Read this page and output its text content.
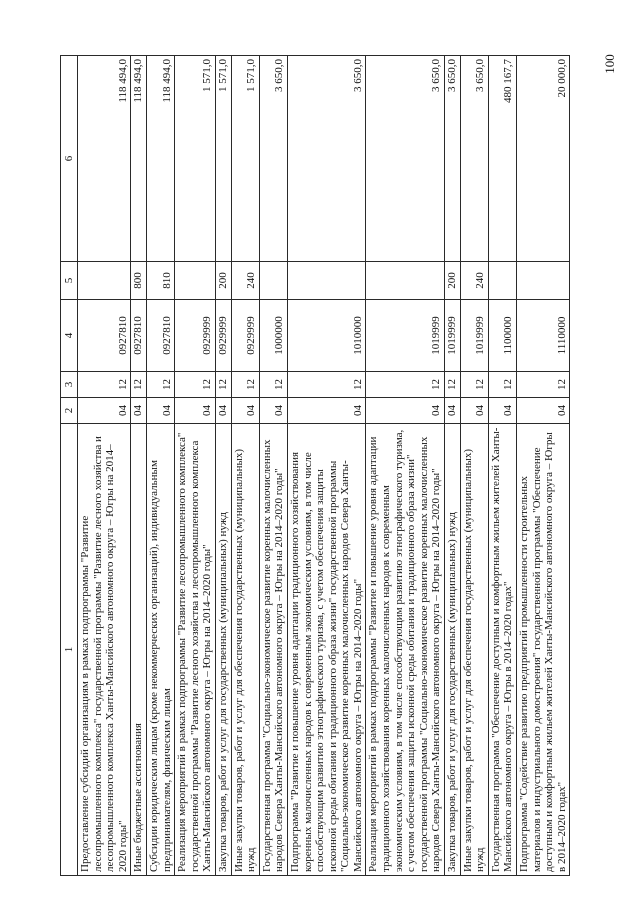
100
1	2	3	4	5	6
Предоставление субсидий организациям в рамках подпрограммы "Развитие лесопромышленного комплекса" государственной программы "Развитие лесного хозяйства и лесопромышленного комплекса Ханты-Мансийского автономного округа – Югры на 2014–2020 годы"	04	12	0927810		118 494,0
Иные бюджетные ассигнования	04	12	0927810	800	118 494,0
Субсидии юридическим лицам (кроме некоммерческих организаций), индивидуальным предпринимателям, физическим лицам	04	12	0927810	810	118 494,0
Реализация мероприятий в рамках подпрограммы "Развитие лесопромышленного комплекса" государственной программы "Развитие лесного хозяйства и лесопромышленного комплекса Ханты-Мансийского автономного округа – Югры на 2014–2020 годы"	04	12	0929999		1 571,0
Закупка товаров, работ и услуг для государственных (муниципальных) нужд	04	12	0929999	200	1 571,0
Иные закупки товаров, работ и услуг для обеспечения государственных (муниципальных) нужд	04	12	0929999	240	1 571,0
Государственная программа "Социально-экономическое развитие коренных малочисленных народов Севера Ханты-Мансийского автономного округа – Югры на 2014–2020 годы"	04	12	1000000		3 650,0
Подпрограмма "Развитие и повышение уровня адаптации традиционного хозяйствования коренных малочисленных народов к современным экономическим условиям, в том числе способствующим развитию этнографического туризма, с учетом обеспечения защиты исконной среды обитания и традиционного образа жизни" государственной программы "Социально-экономическое развитие коренных малочисленных народов Севера Ханты-Мансийского автономного округа – Югры на 2014–2020 годы"	04	12	1010000		3 650,0
Реализация мероприятий в рамках подпрограммы "Развитие и повышение уровня адаптации традиционного хозяйствования коренных малочисленных народов к современным экономическим условиям, в том числе способствующим развитию этнографического туризма, с учетом обеспечения защиты исконной среды обитания и традиционного образа жизни" государственной программы "Социально-экономическое развитие коренных малочисленных народов Севера Ханты-Мансийского автономного округа – Югры на 2014–2020 годы"	04	12	1019999		3 650,0
Закупка товаров, работ и услуг для государственных (муниципальных) нужд	04	12	1019999	200	3 650,0
Иные закупки товаров, работ и услуг для обеспечения государственных (муниципальных) нужд	04	12	1019999	240	3 650,0
Государственная программа "Обеспечение доступным и комфортным жильем жителей Ханты-Мансийского автономного округа – Югры в 2014–2020 годах"	04	12	1100000		480 167,7
Подпрограмма "Содействие развитию предприятий промышленности строительных материалов и индустриального домостроения" государственной программы "Обеспечение доступным и комфортным жильем жителей Ханты-Мансийского автономного округа – Югры в 2014–2020 годах"	04	12	1110000		20 000,0
